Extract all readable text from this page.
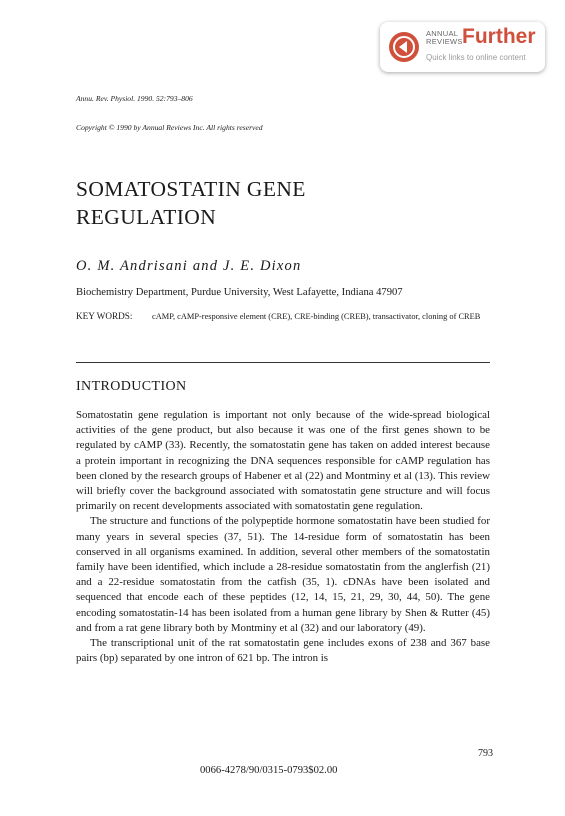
ANNUAL
REVIEWS Further
Quick links to online content

Annu. Rev. Physiol. 1990. 52:793–806

Copyright © 1990 by Annual Reviews Inc. All rights reserved

SOMATOSTATIN GENE
REGULATION
O. M. Andrisani and J. E. Dixon
Biochemistry Department, Purdue University, West Lafayette, Indiana 47907
KEY WORDS: cAMP, cAMP-responsive element (CRE), CRE-binding (CREB), transactivator, cloning of CREB
INTRODUCTION

Somatostatin gene regulation is important not only because of the wide-spread biological activities of the gene product, but also because it was one of the first genes shown to be regulated by cAMP (33). Recently, the somatostatin gene has taken on added interest because a protein important in recognizing the DNA sequences responsible for cAMP regulation has been cloned by the research groups of Habener et al (22) and Montminy et al (13). This review will briefly cover the background associated with somatostatin gene structure and will focus primarily on recent developments associated with somatostatin gene regulation.

The structure and functions of the polypeptide hormone somatostatin have been studied for many years in several species (37, 51). The 14-residue form of somatostatin has been conserved in all organisms examined. In addition, several other members of the somatostatin family have been identified, which include a 28-residue somatostatin from the anglerfish (21) and a 22-residue somatostatin from the catfish (35, 1). cDNAs have been isolated and sequenced that encode each of these peptides (12, 14, 15, 21, 29, 30, 44, 50). The gene encoding somatostatin-14 has been isolated from a human gene library by Shen & Rutter (45) and from a rat gene library both by Montminy et al (32) and our laboratory (49).

The transcriptional unit of the rat somatostatin gene includes exons of 238 and 367 base pairs (bp) separated by one intron of 621 bp. The intron is

793
0066-4278/90/0315-0793$02.00
